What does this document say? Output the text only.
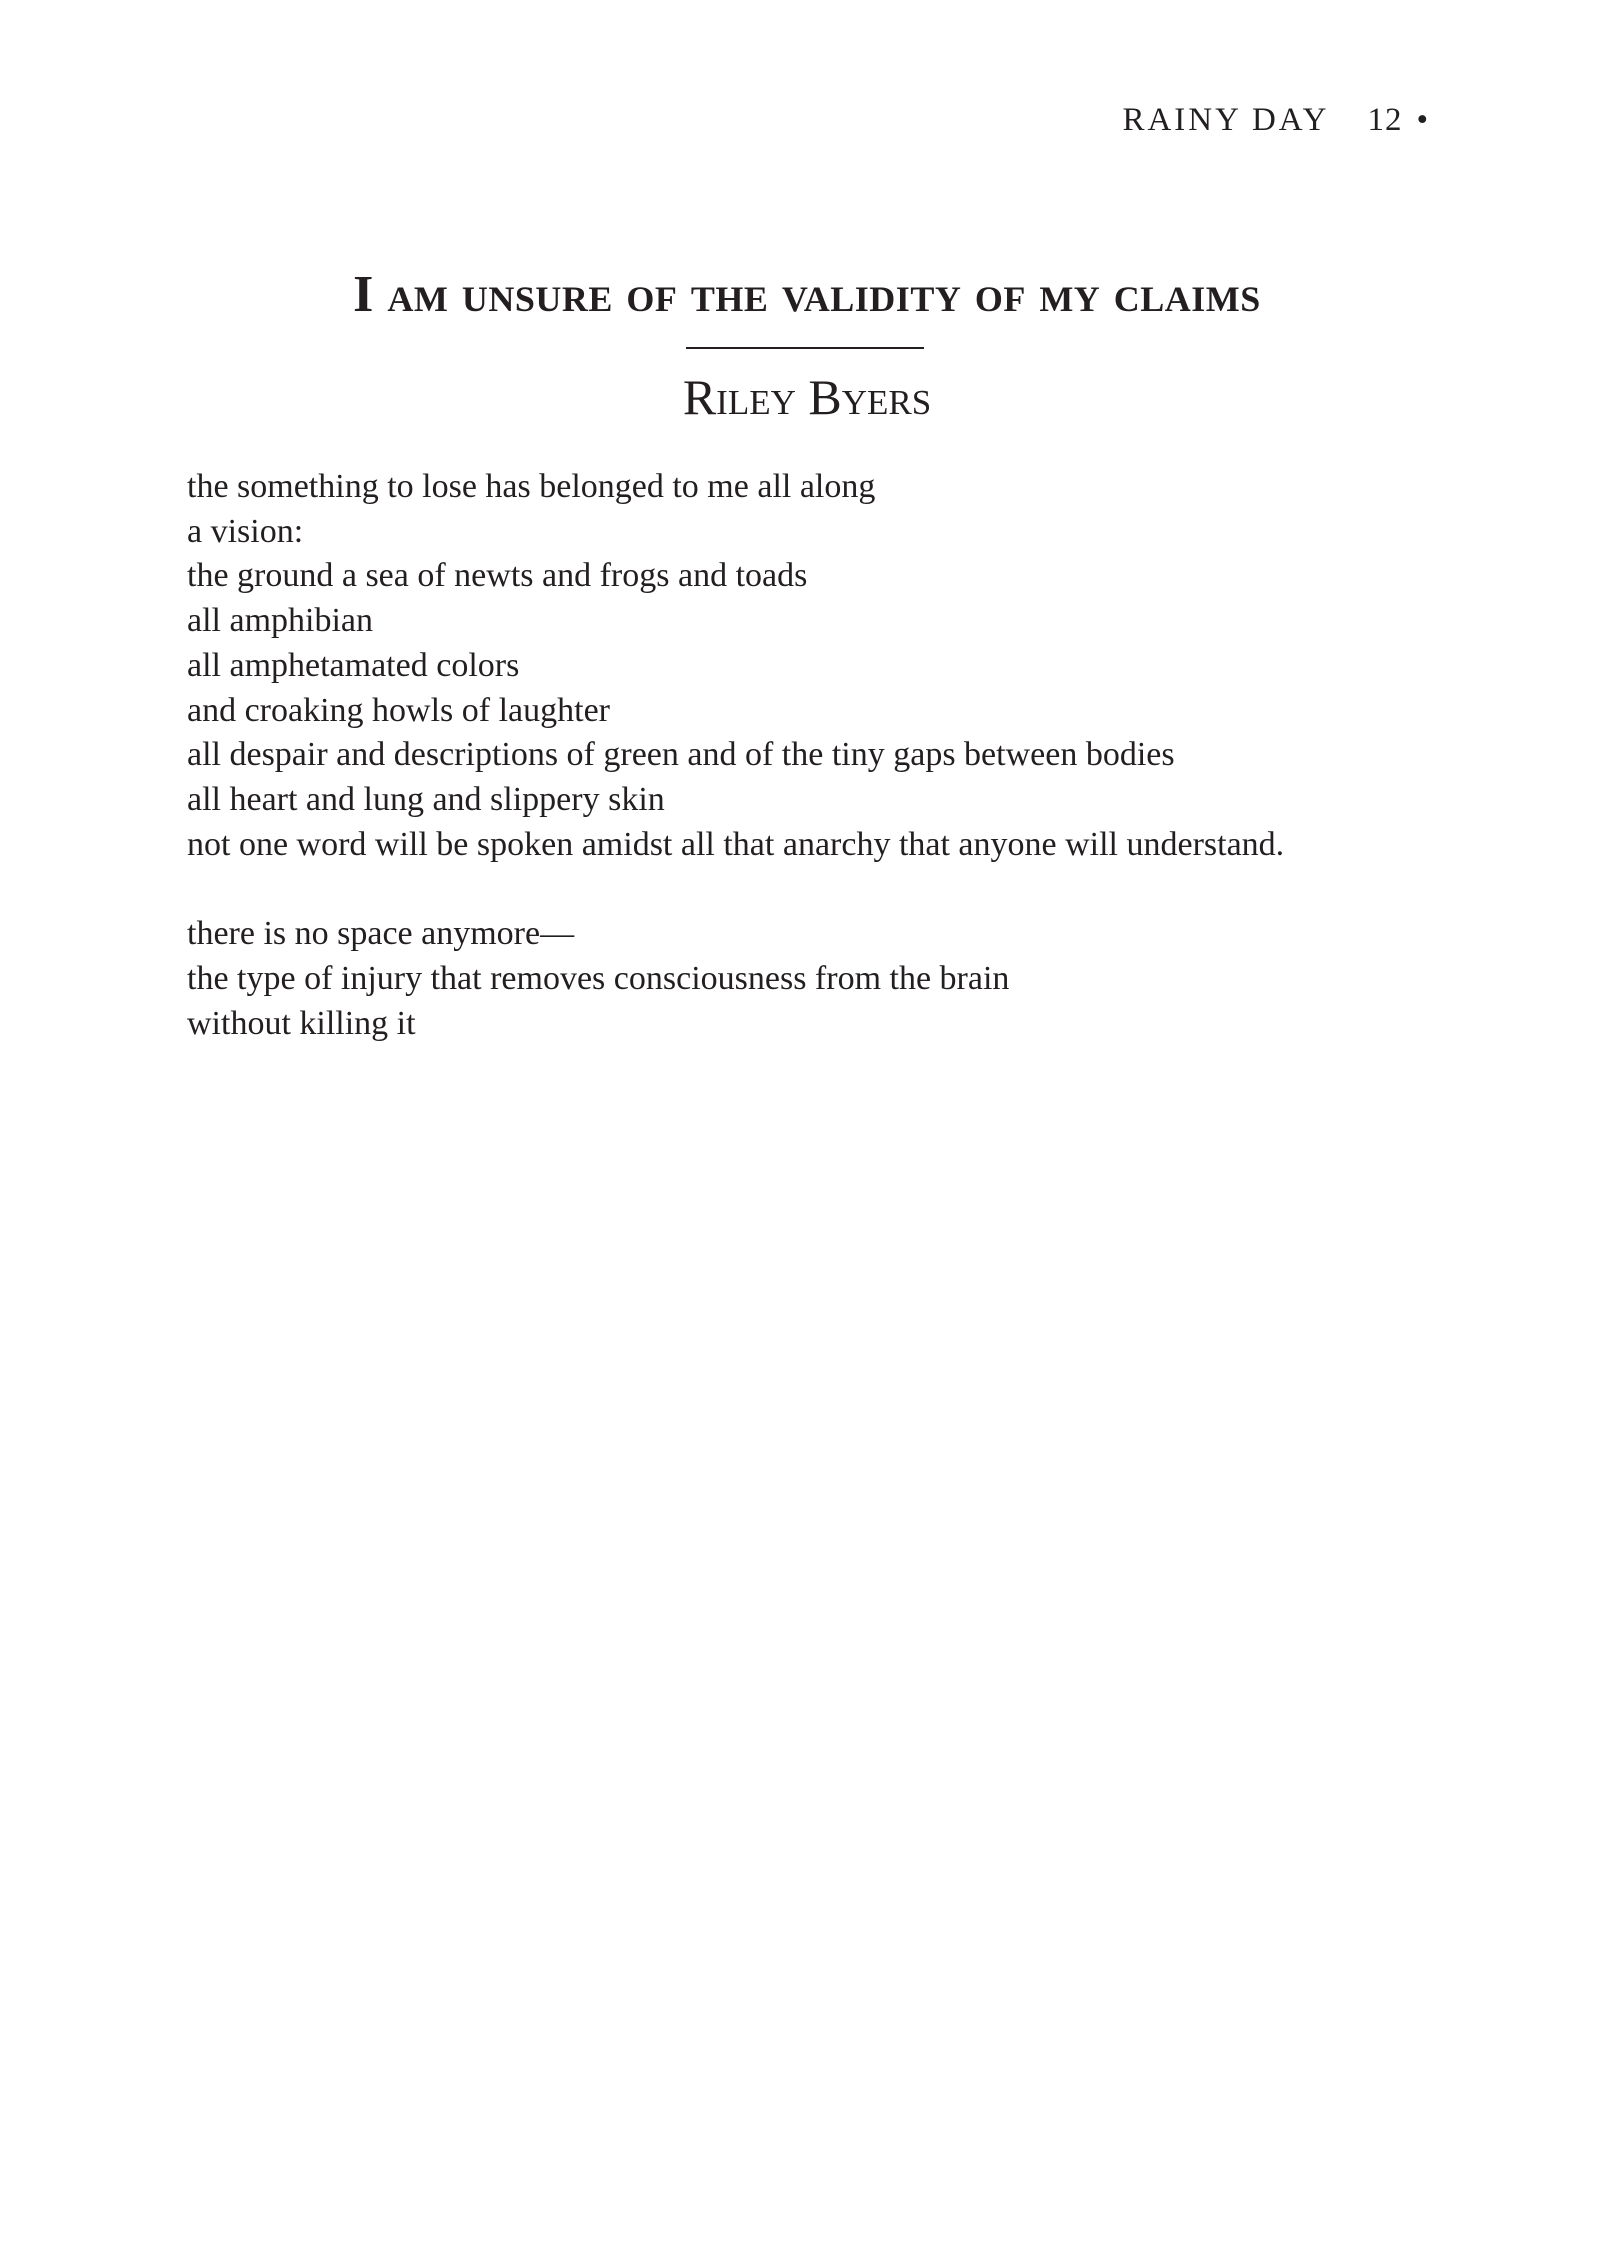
RAINY DAY 12 •
I am unsure of the validity of my claims
Riley Byers
the something to lose has belonged to me all along
a vision:
the ground a sea of newts and frogs and toads
all amphibian
all amphetamated colors
and croaking howls of laughter
all despair and descriptions of green and of the tiny gaps between bodies
all heart and lung and slippery skin
not one word will be spoken amidst all that anarchy that anyone will understand.
there is no space anymore—
the type of injury that removes consciousness from the brain
without killing it
